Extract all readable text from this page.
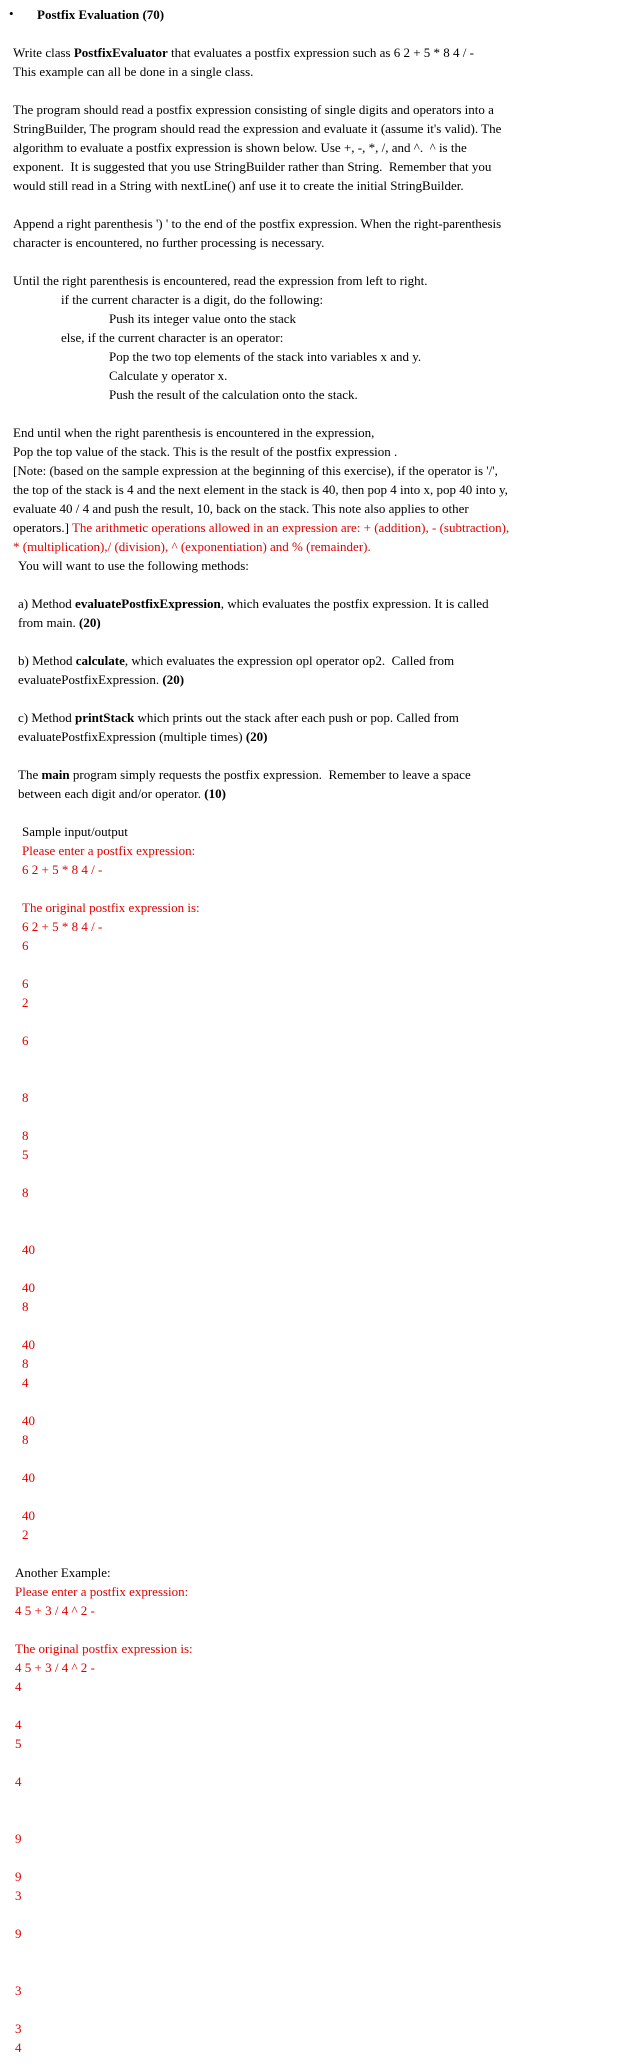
• Postfix Evaluation (70)
Write class PostfixEvaluator that evaluates a postfix expression such as 6 2 + 5 * 8 4 / -
This example can all be done in a single class.
The program should read a postfix expression consisting of single digits and operators into a
StringBuilder, The program should read the expression and evaluate it (assume it's valid). The
algorithm to evaluate a postfix expression is shown below. Use +, -, *, /, and ^.  ^ is the
exponent.  It is suggested that you use StringBuilder rather than String.  Remember that you
would still read in a String with nextLine() anf use it to create the initial StringBuilder.
Append a right parenthesis ') ' to the end of the postfix expression. When the right-parenthesis
character is encountered, no further processing is necessary.
Until the right parenthesis is encountered, read the expression from left to right.
if the current character is a digit, do the following:
Push its integer value onto the stack
else, if the current character is an operator:
Pop the two top elements of the stack into variables x and y.
Calculate y operator x.
Push the result of the calculation onto the stack.
End until when the right parenthesis is encountered in the expression,
Pop the top value of the stack. This is the result of the postfix expression .
[Note: (based on the sample expression at the beginning of this exercise), if the operator is '/',
the top of the stack is 4 and the next element in the stack is 40, then pop 4 into x, pop 40 into y,
evaluate 40 / 4 and push the result, 10, back on the stack. This note also applies to other
operators.] The arithmetic operations allowed in an expression are: + (addition), - (subtraction),
* (multiplication),/ (division), ^ (exponentiation) and % (remainder).
You will want to use the following methods:
a) Method evaluatePostfixExpression, which evaluates the postfix expression. It is called
from main. (20)
b) Method calculate, which evaluates the expression opl operator op2.  Called from
evaluatePostfixExpression. (20)
c) Method printStack which prints out the stack after each push or pop. Called from
evaluatePostfixExpression (multiple times) (20)
The main program simply requests the postfix expression.  Remember to leave a space
between each digit and/or operator. (10)
Sample input/output
Please enter a postfix expression:
6 2 + 5 * 8 4 / -
The original postfix expression is:
6 2 + 5 * 8 4 / -
6
6
2
6
8
8
5
8
40
40
8
40
8
4
40
8
40
40
2
Another Example:
Please enter a postfix expression:
4 5 + 3 / 4 ^ 2 -
The original postfix expression is:
4 5 + 3 / 4 ^ 2 -
4
4
5
4
9
9
3
9
3
3
4
